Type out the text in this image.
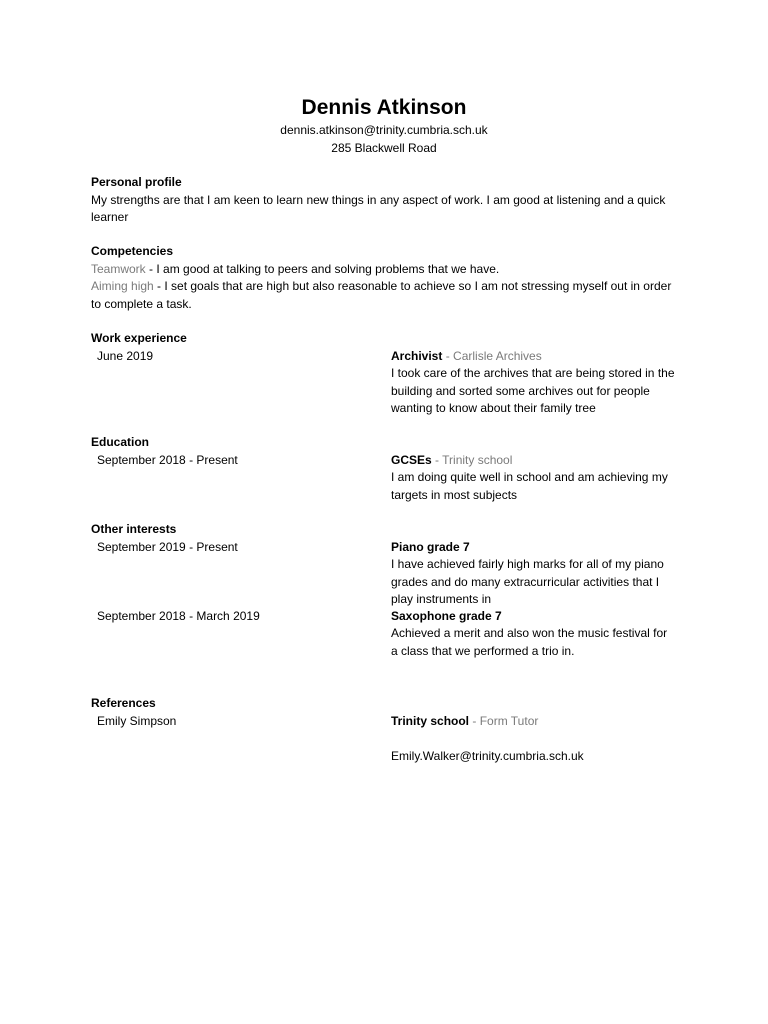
Dennis Atkinson
dennis.atkinson@trinity.cumbria.sch.uk
285 Blackwell Road
Personal profile
My strengths are that I am keen to learn new things in any aspect of work. I am good at listening and a quick learner
Competencies
Teamwork - I am good at talking to peers and solving problems that we have.
Aiming high - I set goals that are high but also reasonable to achieve so I am not stressing myself out in order to complete a task.
Work experience
June 2019	Archivist - Carlisle Archives
I took care of the archives that are being stored in the building and sorted some archives out for people wanting to know about their family tree
Education
September 2018 - Present	GCSEs - Trinity school
I am doing quite well in school and am achieving my targets in most subjects
Other interests
September 2019 - Present	Piano grade 7
I have achieved fairly high marks for all of my piano grades and do many extracurricular activities that I play instruments in
September 2018 - March 2019	Saxophone grade 7
Achieved a merit and also won the music festival for a class that we performed a trio in.
References
Emily Simpson	Trinity school - Form Tutor
Emily.Walker@trinity.cumbria.sch.uk
